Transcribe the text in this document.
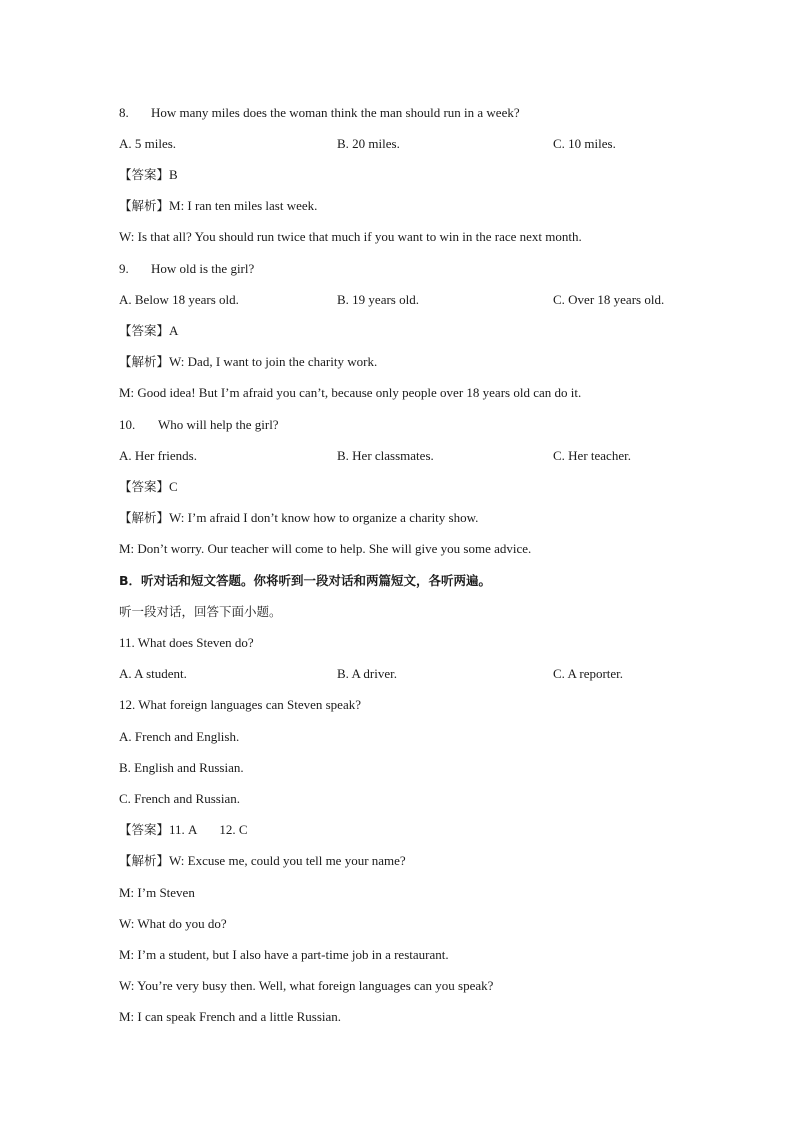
8. How many miles does the woman think the man should run in a week?
A. 5 miles.	B. 20 miles.	C. 10 miles.
【答案】B
【解析】M: I ran ten miles last week.
W: Is that all? You should run twice that much if you want to win in the race next month.
9. How old is the girl?
A. Below 18 years old.	B. 19 years old.	C. Over 18 years old.
【答案】A
【解析】W: Dad, I want to join the charity work.
M: Good idea! But I’m afraid you can’t, because only people over 18 years old can do it.
10. Who will help the girl?
A. Her friends.	B. Her classmates.	C. Her teacher.
【答案】C
【解析】W: I’m afraid I don’t know how to organize a charity show.
M: Don’t worry. Our teacher will come to help. She will give you some advice.
B．听对话和短文答题。你将听到一段对话和两篇短文，各听两遍。
听一段对话，回答下面小题。
11. What does Steven do?
A. A student.	B. A driver.	C. A reporter.
12. What foreign languages can Steven speak?
A. French and English.
B. English and Russian.
C. French and Russian.
【答案】11. A 12. C
【解析】W: Excuse me, could you tell me your name?
M: I’m Steven
W: What do you do?
M: I’m a student, but I also have a part-time job in a restaurant.
W: You’re very busy then. Well, what foreign languages can you speak?
M: I can speak French and a little Russian.
